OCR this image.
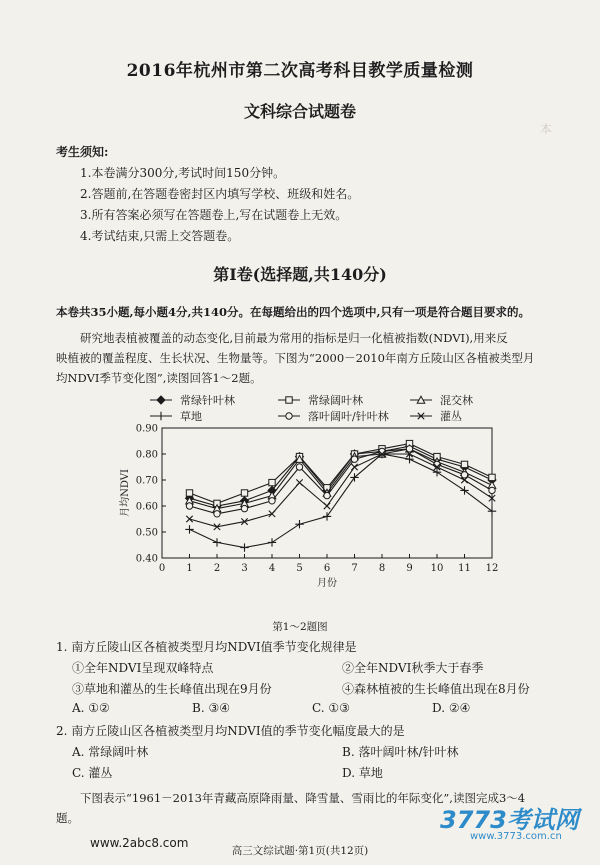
本
2016年杭州市第二次高考科目教学质量检测
文科综合试题卷
考生须知:
1.本卷满分300分,考试时间150分钟。
2.答题前,在答题卷密封区内填写学校、班级和姓名。
3.所有答案必须写在答题卷上,写在试题卷上无效。
4.考试结束,只需上交答题卷。
第Ⅰ卷(选择题,共140分)
本卷共35小题,每小题4分,共140分。在每题给出的四个选项中,只有一项是符合题目要求的。
研究地表植被覆盖的动态变化,目前最为常用的指标是归一化植被指数(NDVI),用来反
映植被的覆盖程度、生长状况、生物量等。下图为“2000－2010年南方丘陵山区各植被类型月
均NDVI季节变化图”,读图回答1～2题。
常绿针叶林	常绿阔叶林	混交林
草地	落叶阔叶/针叶林	灌丛
0.40
0.50
0.60
0.70
0.80
0.90
0 1 2 3 4 5 6 7 8 9 10 11 12
月份
月均NDVI
第1～2题图
1. 南方丘陵山区各植被类型月均NDVI值季节变化规律是
①全年NDVI呈现双峰特点	②全年NDVI秋季大于春季
③草地和灌丛的生长峰值出现在9月份	④森林植被的生长峰值出现在8月份
A. ①②	B. ③④	C. ①③	D. ②④
2. 南方丘陵山区各植被类型月均NDVI值的季节变化幅度最大的是
A. 常绿阔叶林	B. 落叶阔叶林/针叶林
C. 灌丛	D. 草地
下图表示“1961－2013年青藏高原降雨量、降雪量、雪雨比的年际变化”,读图完成3～4
题。	3773考试网
www.3773.com.cn
www.2abc8.com
高三文综试题·第1页(共12页)
